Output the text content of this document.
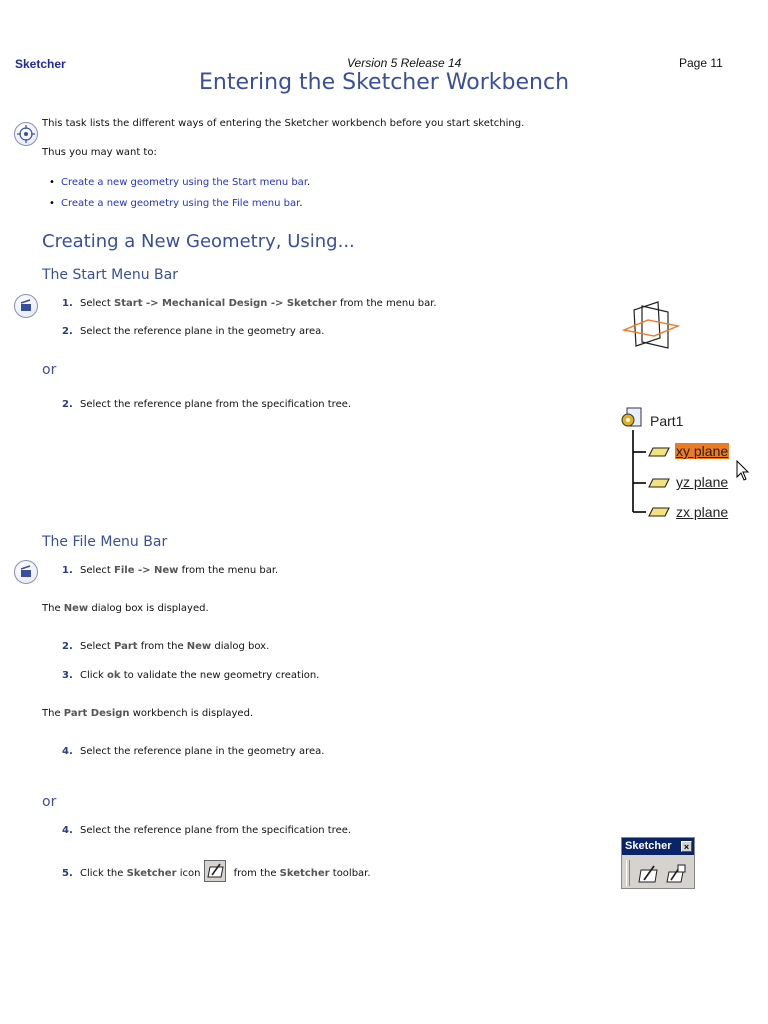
Sketcher	Version 5 Release 14	Page 11
Entering the Sketcher Workbench
This task lists the different ways of entering the Sketcher workbench before you start sketching.
Thus you may want to:
• Create a new geometry using the Start menu bar.
• Create a new geometry using the File menu bar.
Creating a New Geometry, Using...
The Start Menu Bar
1. Select Start -> Mechanical Design -> Sketcher from the menu bar.
2. Select the reference plane in the geometry area.
or
2. Select the reference plane from the specification tree.
Part1
xy plane
yz plane
zx plane
The File Menu Bar
1. Select File -> New from the menu bar.
The New dialog box is displayed.
2. Select Part from the New dialog box.
3. Click ok to validate the new geometry creation.
The Part Design workbench is displayed.
4. Select the reference plane in the geometry area.
or
4. Select the reference plane from the specification tree.
5. Click the Sketcher icon	from the Sketcher toolbar.
Sketcher	×
